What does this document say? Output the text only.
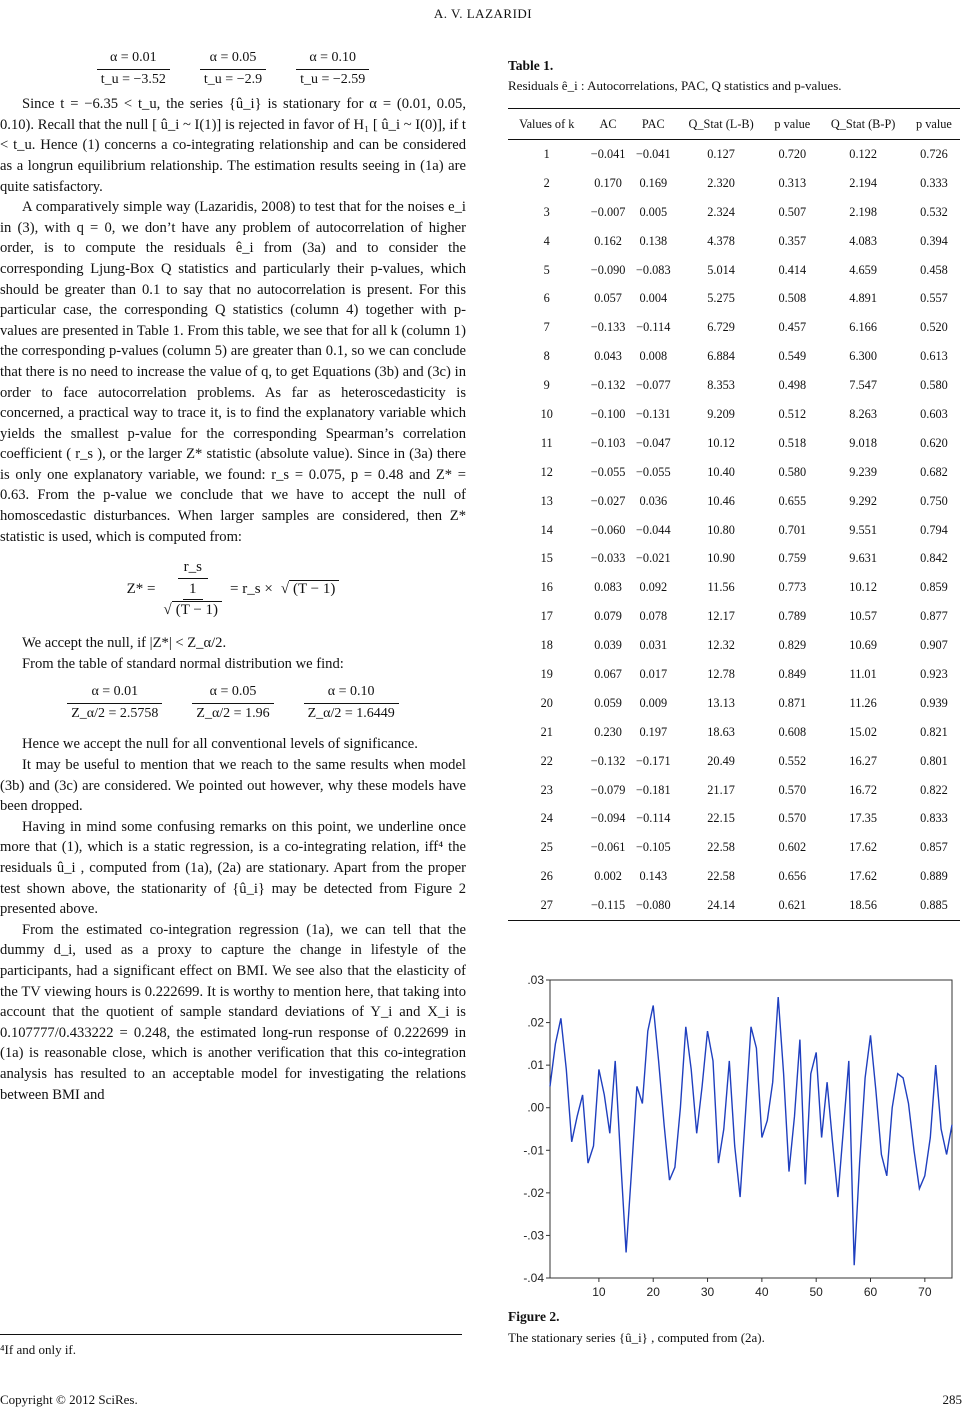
A. V. LAZARIDI
α = 0.01
t_u = −3.52
α = 0.05
t_u = −2.9
α = 0.10
t_u = −2.59

Since t = −6.35 < t_u, the series {û_i} is stationary for α = (0.01, 0.05, 0.10). Recall that the null [ û_i ~ I(1)] is rejected in favor of H₁ [ û_i ~ I(0)], if t < t_u. Hence (1) concerns a co-integrating relationship and can be considered as a longrun equilibrium relationship. The estimation results seeing in (1a) are quite satisfactory.

A comparatively simple way (Lazaridis, 2008) to test that for the noises e_i in (3), with q = 0, we don’t have any problem of autocorrelation of higher order, is to compute the residuals ê_i from (3a) and to consider the corresponding Ljung-Box Q statistics and particularly their p-values, which should be greater than 0.1 to say that no autocorrelation is present. For this particular case, the corresponding Q statistics (column 4) together with p-values are presented in Table 1. From this table, we see that for all k (column 1) the corresponding p-values (column 5) are greater than 0.1, so we can conclude that there is no need to increase the value of q, to get Equations (3b) and (3c) in order to face autocorrelation problems. As far as heteroscedasticity is concerned, a practical way to trace it, is to find the explanatory variable which yields the smallest p-value for the corresponding Spearman’s correlation coefficient ( r_s ), or the larger Z* statistic (absolute value). Since in (3a) there is only one explanatory variable, we found: r_s = 0.075, p = 0.48 and Z* = 0.63. From the p-value we conclude that we have to accept the null of homoscedastic disturbances. When larger samples are considered, then Z* statistic is used, which is computed from:

$Z* = \frac{r\_s}{\frac{1}{√ (T - 1)}}$ = r_s × √ (T − 1)

We accept the null, if |Z*| < Z_α/2.

From the table of standard normal distribution we find:

α = 0.01
Z_α/2 = 2.5758
α = 0.05
Z_α/2 = 1.96
α = 0.10
Z_α/2 = 1.6449

Hence we accept the null for all conventional levels of significance.

It may be useful to mention that we reach to the same results when model (3b) and (3c) are considered. We pointed out however, why these models have been dropped.

Having in mind some confusing remarks on this point, we underline once more that (1), which is a static regression, is a co-integrating relation, iff⁴ the residuals û_i , computed from (1a), (2a) are stationary. Apart from the proper test shown above, the stationarity of {û_i} may be detected from Figure 2 presented above.

From the estimated co-integration regression (1a), we can tell that the dummy d_i, used as a proxy to capture the change in lifestyle of the participants, had a significant effect on BMI. We see also that the elasticity of the TV viewing hours is 0.222699. It is worthy to mention here, that taking into account that the quotient of sample standard deviations of Y_i and X_i is 0.107777/0.433222 = 0.248, the estimated long-run response of 0.222699 in (1a) is reasonable close, which is another verification that this co-integration analysis has resulted to an acceptable model for investigating the relations between BMI and

Table 1.
Residuals ê_i : Autocorrelations, PAC, Q statistics and p-values.
Values of k	AC	PAC	Q_Stat (L-B)	p value	Q_Stat (B-P)	p value
1	−0.041	−0.041	0.127	0.720	0.122	0.726
2	0.170	0.169	2.320	0.313	2.194	0.333
3	−0.007	0.005	2.324	0.507	2.198	0.532
4	0.162	0.138	4.378	0.357	4.083	0.394
5	−0.090	−0.083	5.014	0.414	4.659	0.458
6	0.057	0.004	5.275	0.508	4.891	0.557
7	−0.133	−0.114	6.729	0.457	6.166	0.520
8	0.043	0.008	6.884	0.549	6.300	0.613
9	−0.132	−0.077	8.353	0.498	7.547	0.580
10	−0.100	−0.131	9.209	0.512	8.263	0.603
11	−0.103	−0.047	10.12	0.518	9.018	0.620
12	−0.055	−0.055	10.40	0.580	9.239	0.682
13	−0.027	0.036	10.46	0.655	9.292	0.750
14	−0.060	−0.044	10.80	0.701	9.551	0.794
15	−0.033	−0.021	10.90	0.759	9.631	0.842
16	0.083	0.092	11.56	0.773	10.12	0.859
17	0.079	0.078	12.17	0.789	10.57	0.877
18	0.039	0.031	12.32	0.829	10.69	0.907
19	0.067	0.017	12.78	0.849	11.01	0.923
20	0.059	0.009	13.13	0.871	11.26	0.939
21	0.230	0.197	18.63	0.608	15.02	0.821
22	−0.132	−0.171	20.49	0.552	16.27	0.801
23	−0.079	−0.181	21.17	0.570	16.72	0.822
24	−0.094	−0.114	22.15	0.570	17.35	0.833
25	−0.061	−0.105	22.58	0.602	17.62	0.857
26	0.002	0.143	22.58	0.656	17.62	0.889
27	−0.115	−0.080	24.14	0.621	18.56	0.885
.03
.02
.01
.00
-.01
-.02
-.03
-.04
10	20	30	40	50	60	70
Figure 2.
The stationary series {û_i} , computed from (2a).
⁴If and only if.
Copyright © 2012 SciRes.	285
